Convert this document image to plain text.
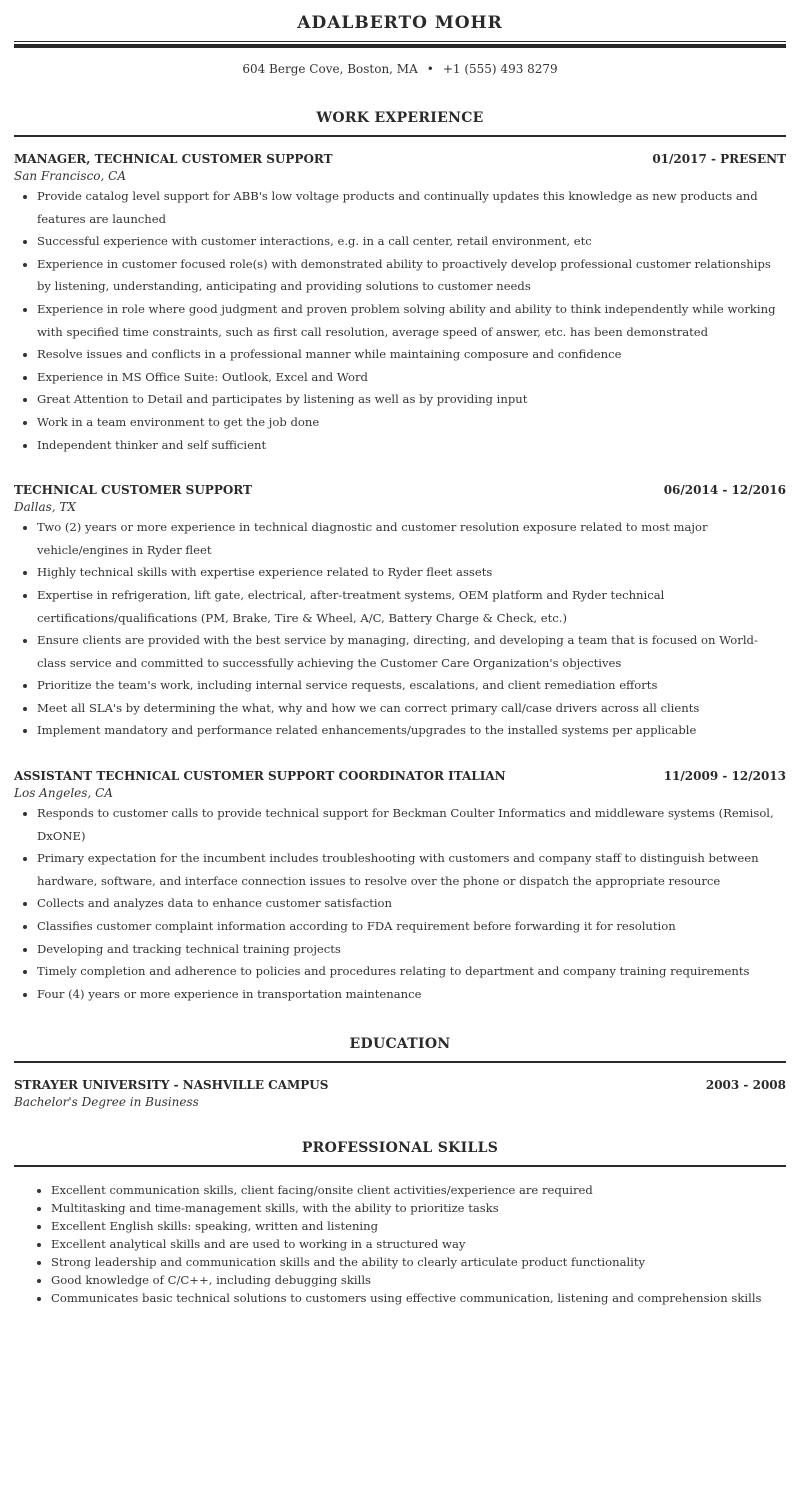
ADALBERTO MOHR
604 Berge Cove, Boston, MA • +1 (555) 493 8279
WORK EXPERIENCE
MANAGER, TECHNICAL CUSTOMER SUPPORT	01/2017 - PRESENT
San Francisco, CA
• Provide catalog level support for ABB's low voltage products and continually updates this knowledge as new products and features are launched
• Successful experience with customer interactions, e.g. in a call center, retail environment, etc
• Experience in customer focused role(s) with demonstrated ability to proactively develop professional customer relationships by listening, understanding, anticipating and providing solutions to customer needs
• Experience in role where good judgment and proven problem solving ability and ability to think independently while working with specified time constraints, such as first call resolution, average speed of answer, etc. has been demonstrated
• Resolve issues and conflicts in a professional manner while maintaining composure and confidence
• Experience in MS Office Suite: Outlook, Excel and Word
• Great Attention to Detail and participates by listening as well as by providing input
• Work in a team environment to get the job done
• Independent thinker and self sufficient
TECHNICAL CUSTOMER SUPPORT	06/2014 - 12/2016
Dallas, TX
• Two (2) years or more experience in technical diagnostic and customer resolution exposure related to most major vehicle/engines in Ryder fleet
• Highly technical skills with expertise experience related to Ryder fleet assets
• Expertise in refrigeration, lift gate, electrical, after-treatment systems, OEM platform and Ryder technical certifications/qualifications (PM, Brake, Tire & Wheel, A/C, Battery Charge & Check, etc.)
• Ensure clients are provided with the best service by managing, directing, and developing a team that is focused on World-class service and committed to successfully achieving the Customer Care Organization's objectives
• Prioritize the team's work, including internal service requests, escalations, and client remediation efforts
• Meet all SLA's by determining the what, why and how we can correct primary call/case drivers across all clients
• Implement mandatory and performance related enhancements/upgrades to the installed systems per applicable
ASSISTANT TECHNICAL CUSTOMER SUPPORT COORDINATOR ITALIAN	11/2009 - 12/2013
Los Angeles, CA
• Responds to customer calls to provide technical support for Beckman Coulter Informatics and middleware systems (Remisol, DxONE)
• Primary expectation for the incumbent includes troubleshooting with customers and company staff to distinguish between hardware, software, and interface connection issues to resolve over the phone or dispatch the appropriate resource
• Collects and analyzes data to enhance customer satisfaction
• Classifies customer complaint information according to FDA requirement before forwarding it for resolution
• Developing and tracking technical training projects
• Timely completion and adherence to policies and procedures relating to department and company training requirements
• Four (4) years or more experience in transportation maintenance
EDUCATION
STRAYER UNIVERSITY - NASHVILLE CAMPUS	2003 - 2008
Bachelor's Degree in Business
PROFESSIONAL SKILLS
• Excellent communication skills, client facing/onsite client activities/experience are required
• Multitasking and time-management skills, with the ability to prioritize tasks
• Excellent English skills: speaking, written and listening
• Excellent analytical skills and are used to working in a structured way
• Strong leadership and communication skills and the ability to clearly articulate product functionality
• Good knowledge of C/C++, including debugging skills
• Communicates basic technical solutions to customers using effective communication, listening and comprehension skills
